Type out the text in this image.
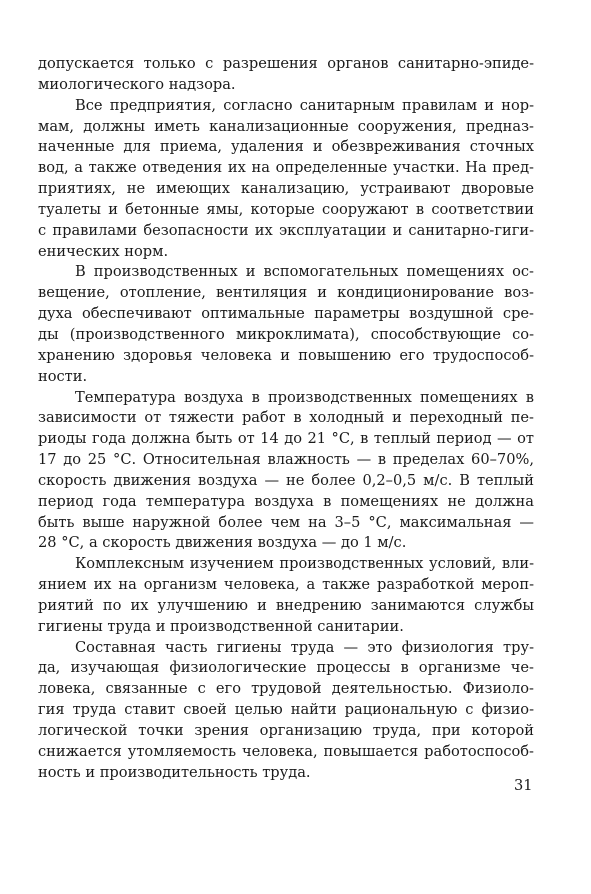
допускается только с разрешения органов санитарно-эпиде-
миологического надзора.
Все предприятия, согласно санитарным правилам и нор-
мам, должны иметь канализационные сооружения, предназ-
наченные для приема, удаления и обезвреживания сточных
вод, а также отведения их на определенные участки. На пред-
приятиях, не имеющих канализацию, устраивают дворовые
туалеты и бетонные ямы, которые сооружают в соответствии
с правилами безопасности их эксплуатации и санитарно-гиги-
енических норм.
В производственных и вспомогательных помещениях ос-
вещение, отопление, вентиляция и кондиционирование воз-
духа обеспечивают оптимальные параметры воздушной сре-
ды (производственного микроклимата), способствующие со-
хранению здоровья человека и повышению его трудоспособ-
ности.
Температура воздуха в производственных помещениях в
зависимости от тяжести работ в холодный и переходный пе-
риоды года должна быть от 14 до 21 °С, в теплый период — от
17 до 25 °С. Относительная влажность — в пределах 60–70%,
скорость движения воздуха — не более 0,2–0,5 м/с. В теплый
период года температура воздуха в помещениях не должна
быть выше наружной более чем на 3–5 °С, максимальная —
28 °С, а скорость движения воздуха — до 1 м/с.
Комплексным изучением производственных условий, вли-
янием их на организм человека, а также разработкой мероп-
риятий по их улучшению и внедрению занимаются службы
гигиены труда и производственной санитарии.
Составная часть гигиены труда — это физиология тру-
да, изучающая физиологические процессы в организме че-
ловека, связанные с его трудовой деятельностью. Физиоло-
гия труда ставит своей целью найти рациональную с физио-
логической точки зрения организацию труда, при которой
снижается утомляемость человека, повышается работоспособ-
ность и производительность труда.
31
